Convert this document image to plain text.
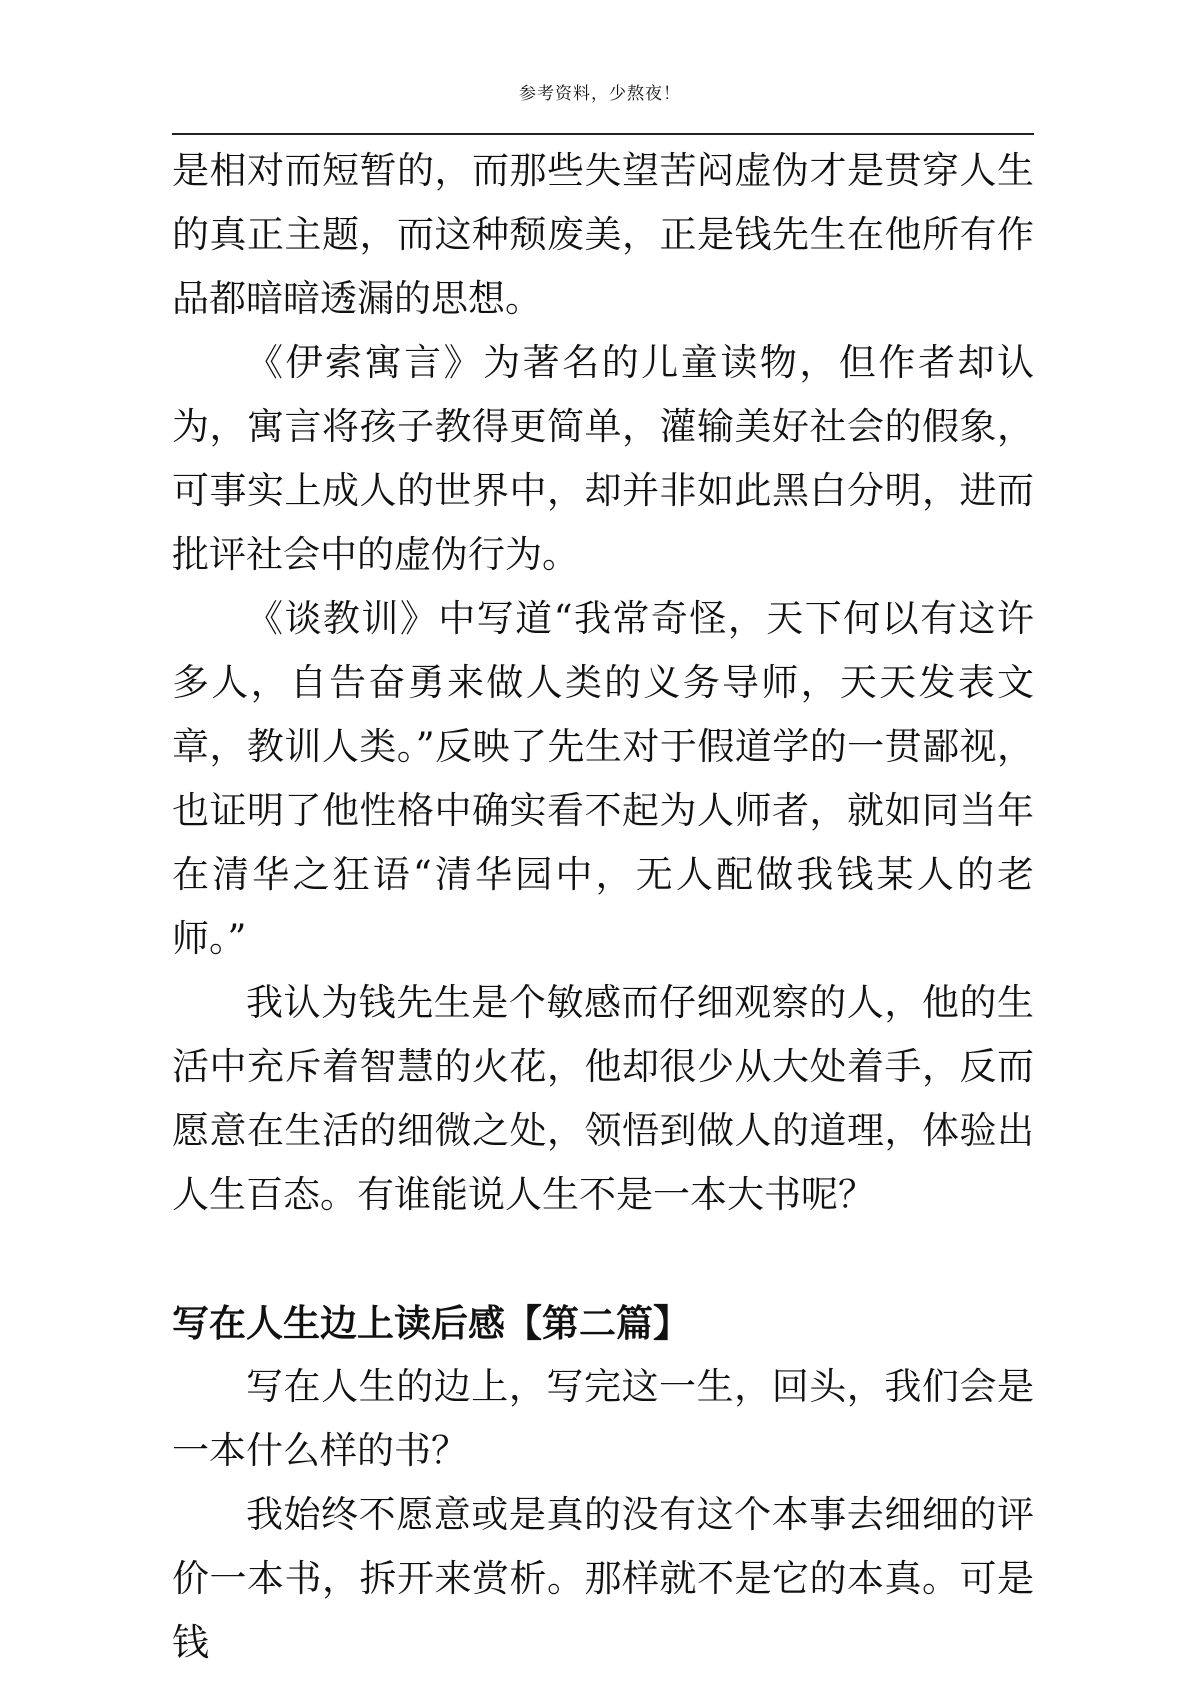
参考资料，少熬夜！

是相对而短暂的，而那些失望苦闷虚伪才是贯穿人生的真正主题，而这种颓废美，正是钱先生在他所有作品都暗暗透漏的思想。

《伊索寓言》为著名的儿童读物，但作者却认为，寓言将孩子教得更简单，灌输美好社会的假象，可事实上成人的世界中，却并非如此黑白分明，进而批评社会中的虚伪行为。

《谈教训》中写道“我常奇怪，天下何以有这许多人，自告奋勇来做人类的义务导师，天天发表文章，教训人类。”反映了先生对于假道学的一贯鄙视，也证明了他性格中确实看不起为人师者，就如同当年在清华之狂语“清华园中，无人配做我钱某人的老师。”

我认为钱先生是个敏感而仔细观察的人，他的生活中充斥着智慧的火花，他却很少从大处着手，反而愿意在生活的细微之处，领悟到做人的道理，体验出人生百态。有谁能说人生不是一本大书呢？

写在人生边上读后感【第二篇】

写在人生的边上，写完这一生，回头，我们会是一本什么样的书？

我始终不愿意或是真的没有这个本事去细细的评价一本书，拆开来赏析。那样就不是它的本真。可是钱
